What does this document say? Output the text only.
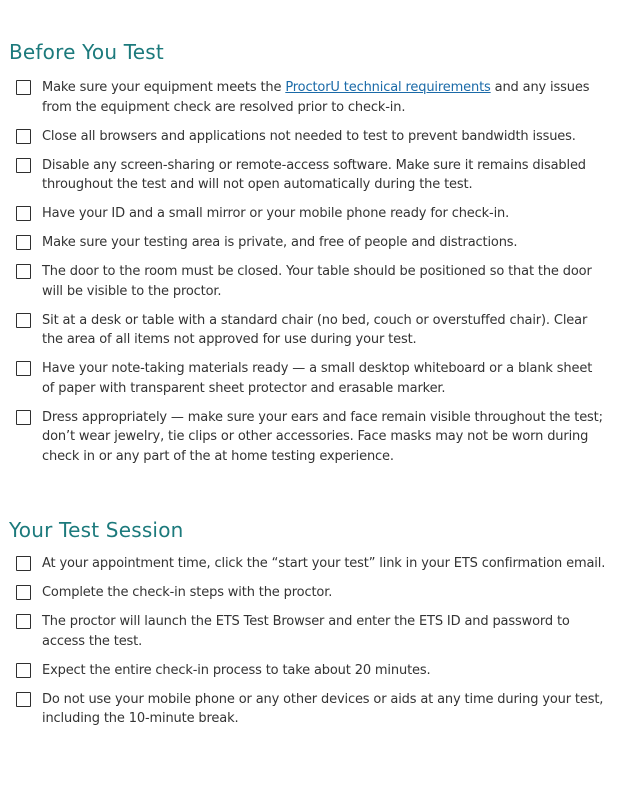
Before You Test
Make sure your equipment meets the ProctorU technical requirements and any issues from the equipment check are resolved prior to check-in.
Close all browsers and applications not needed to test to prevent bandwidth issues.
Disable any screen-sharing or remote-access software. Make sure it remains disabled throughout the test and will not open automatically during the test.
Have your ID and a small mirror or your mobile phone ready for check-in.
Make sure your testing area is private, and free of people and distractions.
The door to the room must be closed. Your table should be positioned so that the door will be visible to the proctor.
Sit at a desk or table with a standard chair (no bed, couch or overstuffed chair). Clear the area of all items not approved for use during your test.
Have your note-taking materials ready — a small desktop whiteboard or a blank sheet of paper with transparent sheet protector and erasable marker.
Dress appropriately — make sure your ears and face remain visible throughout the test; don’t wear jewelry, tie clips or other accessories. Face masks may not be worn during check in or any part of the at home testing experience.
Your Test Session
At your appointment time, click the “start your test” link in your ETS confirmation email.
Complete the check-in steps with the proctor.
The proctor will launch the ETS Test Browser and enter the ETS ID and password to access the test.
Expect the entire check-in process to take about 20 minutes.
Do not use your mobile phone or any other devices or aids at any time during your test, including the 10-minute break.
